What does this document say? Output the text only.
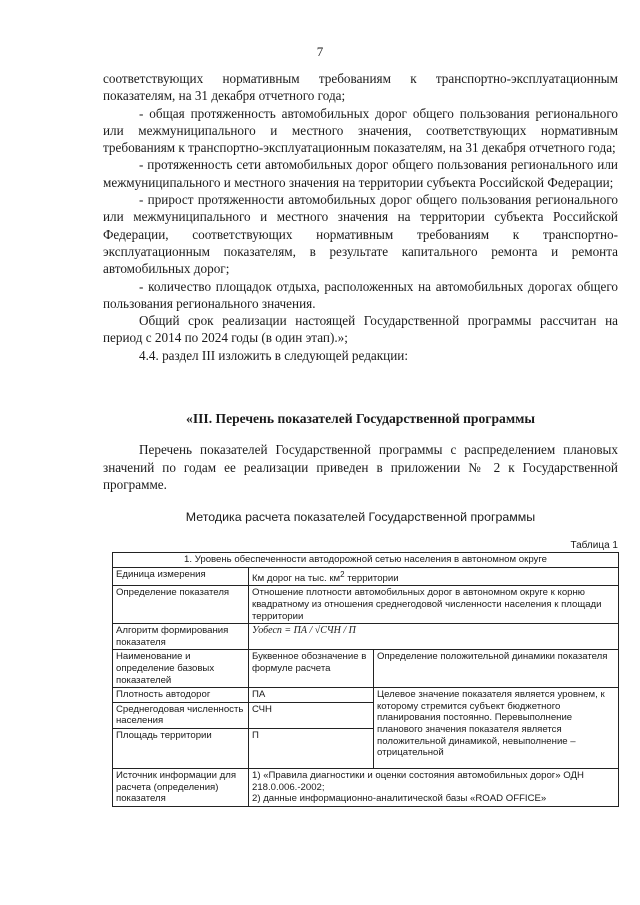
7

соответствующих нормативным требованиям к транспортно-эксплуатационным показателям, на 31 декабря отчетного года;

- общая протяженность автомобильных дорог общего пользования регионального или межмуниципального и местного значения, соответствующих нормативным требованиям к транспортно-эксплуатационным показателям, на 31 декабря отчетного года;

- протяженность сети автомобильных дорог общего пользования регионального или межмуниципального и местного значения на территории субъекта Российской Федерации;

- прирост протяженности автомобильных дорог общего пользования регионального или межмуниципального и местного значения на территории субъекта Российской Федерации, соответствующих нормативным требованиям к транспортно-эксплуатационным показателям, в результате капитального ремонта и ремонта автомобильных дорог;

- количество площадок отдыха, расположенных на автомобильных дорогах общего пользования регионального значения.

Общий срок реализации настоящей Государственной программы рассчитан на период с 2014 по 2024 годы (в один этап).»;

4.4. раздел III изложить в следующей редакции:

«III. Перечень показателей Государственной программы
Перечень показателей Государственной программы с распределением плановых значений по годам ее реализации приведен в приложении № 2 к Государственной программе.
Методика расчета показателей Государственной программы
Таблица 1
1. Уровень обеспеченности автодорожной сетью населения в автономном округе		
Единица измерения	Км дорог на тыс. $км^2$ территории	
Определение показателя	Отношение плотности автомобильных дорог в автономном округе к корню квадратному из отношения среднегодовой численности населения к площади территории	
Алгоритм формирования показателя	Уобесп = ПА / √СЧН / П	
Наименование и определение базовых показателей	Буквенное обозначение в формуле расчета	Определение положительной динамики показателя
Плотность автодорог	ПА	Целевое значение показателя является уровнем, к которому стремится субъект бюджетного планирования постоянно. Перевыполнение планового значения показателя является положительной динамикой, невыполнение – отрицательной
Среднегодовая численность населения	СЧН	
Площадь территории	П	
Источник информации для расчета (определения) показателя	1) «Правила диагностики и оценки состояния автомобильных дорог» ОДН 218.0.006.-2002;
2) данные информационно-аналитической базы «ROAD OFFICE»	
